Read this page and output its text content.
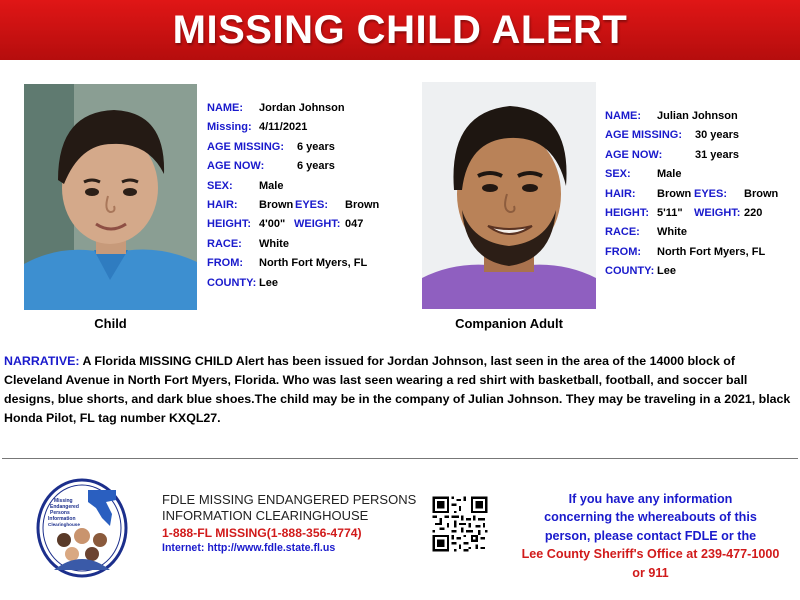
MISSING CHILD ALERT
NAME: Jordan Johnson
Missing: 4/11/2021
AGE MISSING: 6 years
AGE NOW:	6 years
SEX: Male
HAIR: Brown EYES: Brown
HEIGHT: 4'00" WEIGHT: 047
RACE: White
FROM: North Fort Myers, FL
COUNTY: Lee
Child
NAME: Julian Johnson
AGE MISSING: 30 years
AGE NOW:	31 years
SEX: Male
HAIR: Brown EYES: Brown
HEIGHT: 5'11" WEIGHT: 220
RACE: White
FROM: North Fort Myers, FL
COUNTY: Lee
Companion Adult
NARRATIVE: A Florida MISSING CHILD Alert has been issued for Jordan Johnson, last seen in the area of the 14000 block of Cleveland Avenue in North Fort Myers, Florida. Who was last seen wearing a red shirt with basketball, football, and soccer ball designs, blue shorts, and dark blue shoes.The child may be in the company of Julian Johnson. They may be traveling in a 2021, black Honda Pilot, FL tag number KXQL27.
Missing
Endangered
Persons
Information
Clearinghouse
FDLE MISSING ENDANGERED PERSONS
INFORMATION CLEARINGHOUSE
1-888-FL MISSING(1-888-356-4774)
Internet: http://www.fdle.state.fl.us
If you have any information
concerning the whereabouts of this
person, please contact FDLE or the
Lee County Sheriff's Office at 239-477-1000
or 911
